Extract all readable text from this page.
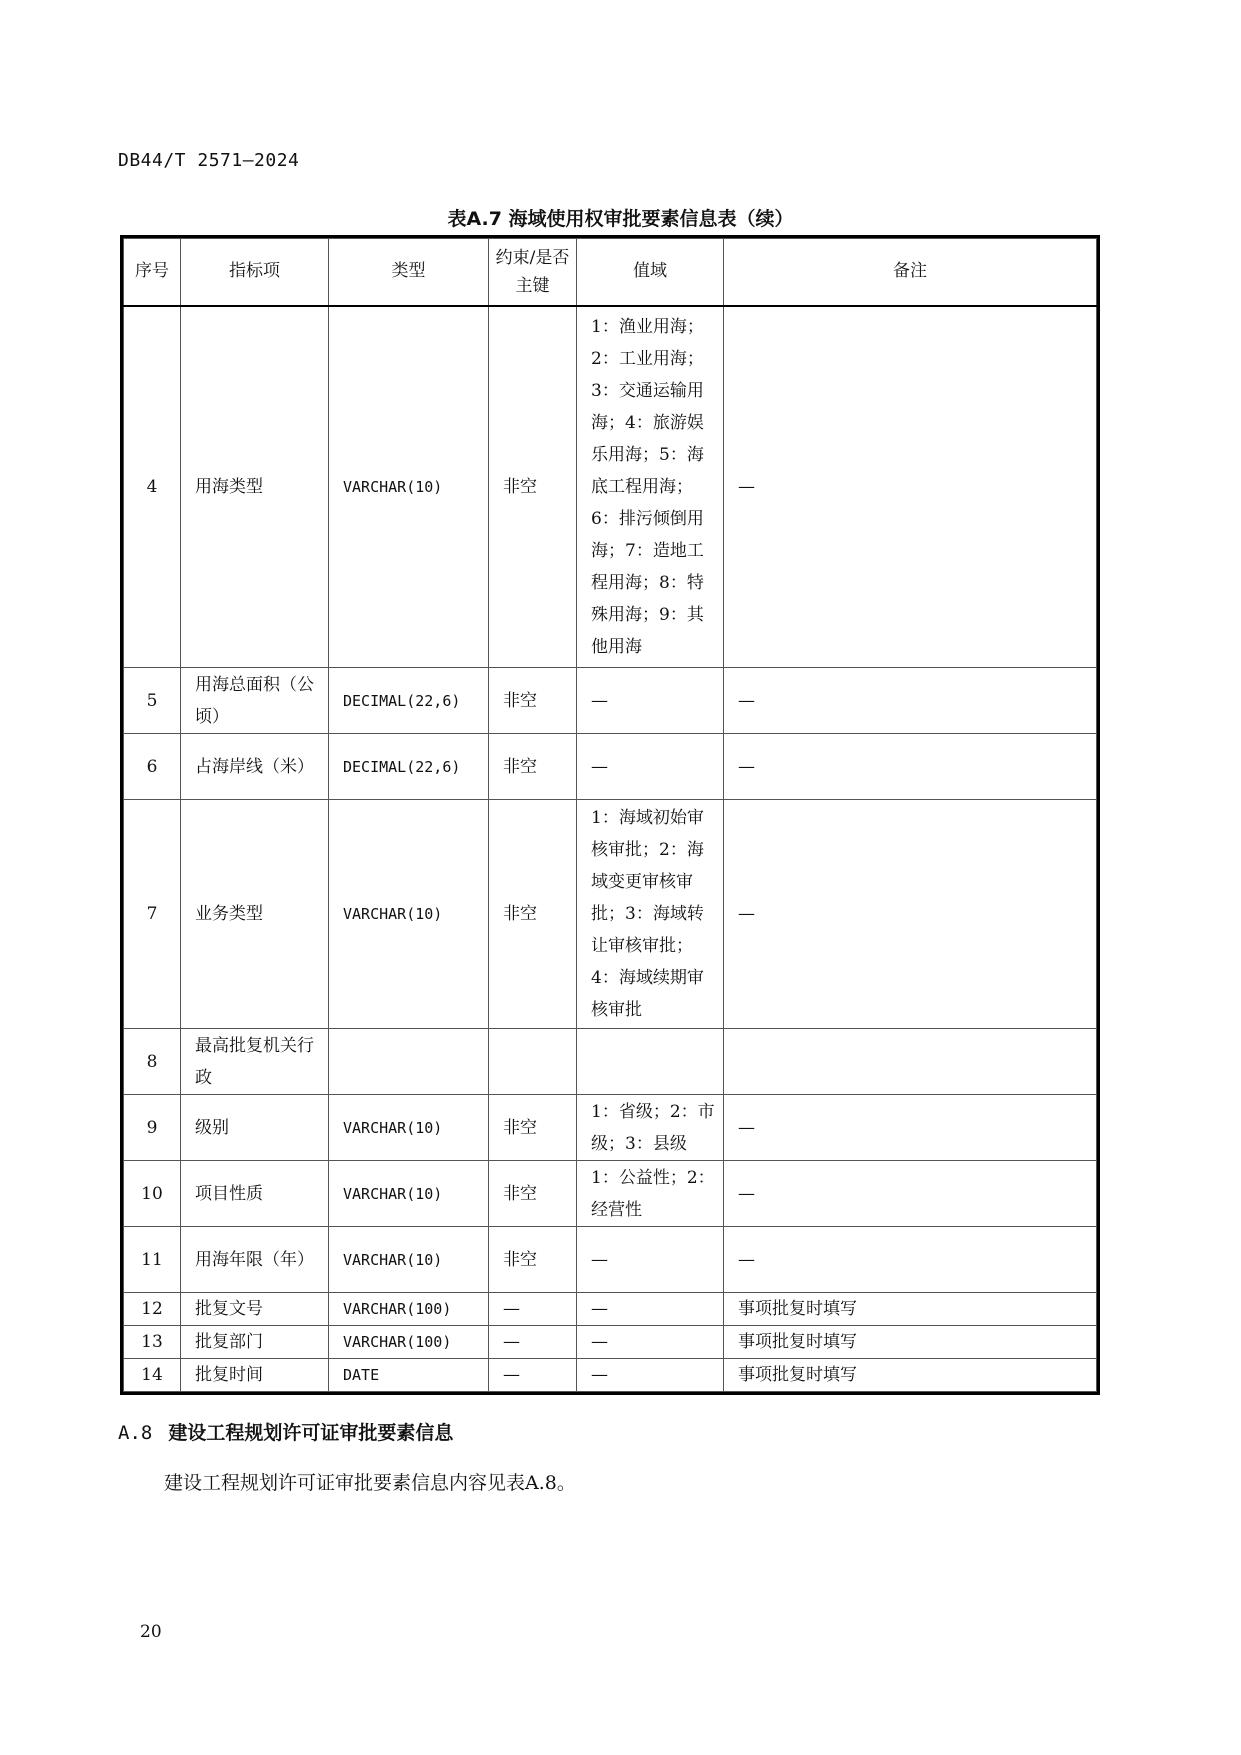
DB44/T 2571—2024
表A.7 海域使用权审批要素信息表（续）
序号	指标项	类型	约束/是否主键	值域	备注
4	用海类型	VARCHAR(10)	非空	1：渔业用海；2：工业用海；3：交通运输用海；4：旅游娱乐用海；5：海底工程用海；6：排污倾倒用海；7：造地工程用海；8：特殊用海；9：其他用海	—
5	用海总面积（公顷）	DECIMAL(22,6)	非空	—	—
6	占海岸线（米）	DECIMAL(22,6)	非空	—	—
7	业务类型	VARCHAR(10)	非空	1：海域初始审核审批；2：海域变更审核审批；3：海域转让审核审批；4：海域续期审核审批	—
8	最高批复机关行政				
9	级别	VARCHAR(10)	非空	1：省级；2：市级；3：县级	—
10	项目性质	VARCHAR(10)	非空	1：公益性；2：经营性	—
11	用海年限（年）	VARCHAR(10)	非空	—	—
12	批复文号	VARCHAR(100)	—	—	事项批复时填写
13	批复部门	VARCHAR(100)	—	—	事项批复时填写
14	批复时间	DATE	—	—	事项批复时填写
A.8 建设工程规划许可证审批要素信息
建设工程规划许可证审批要素信息内容见表A.8。
20
